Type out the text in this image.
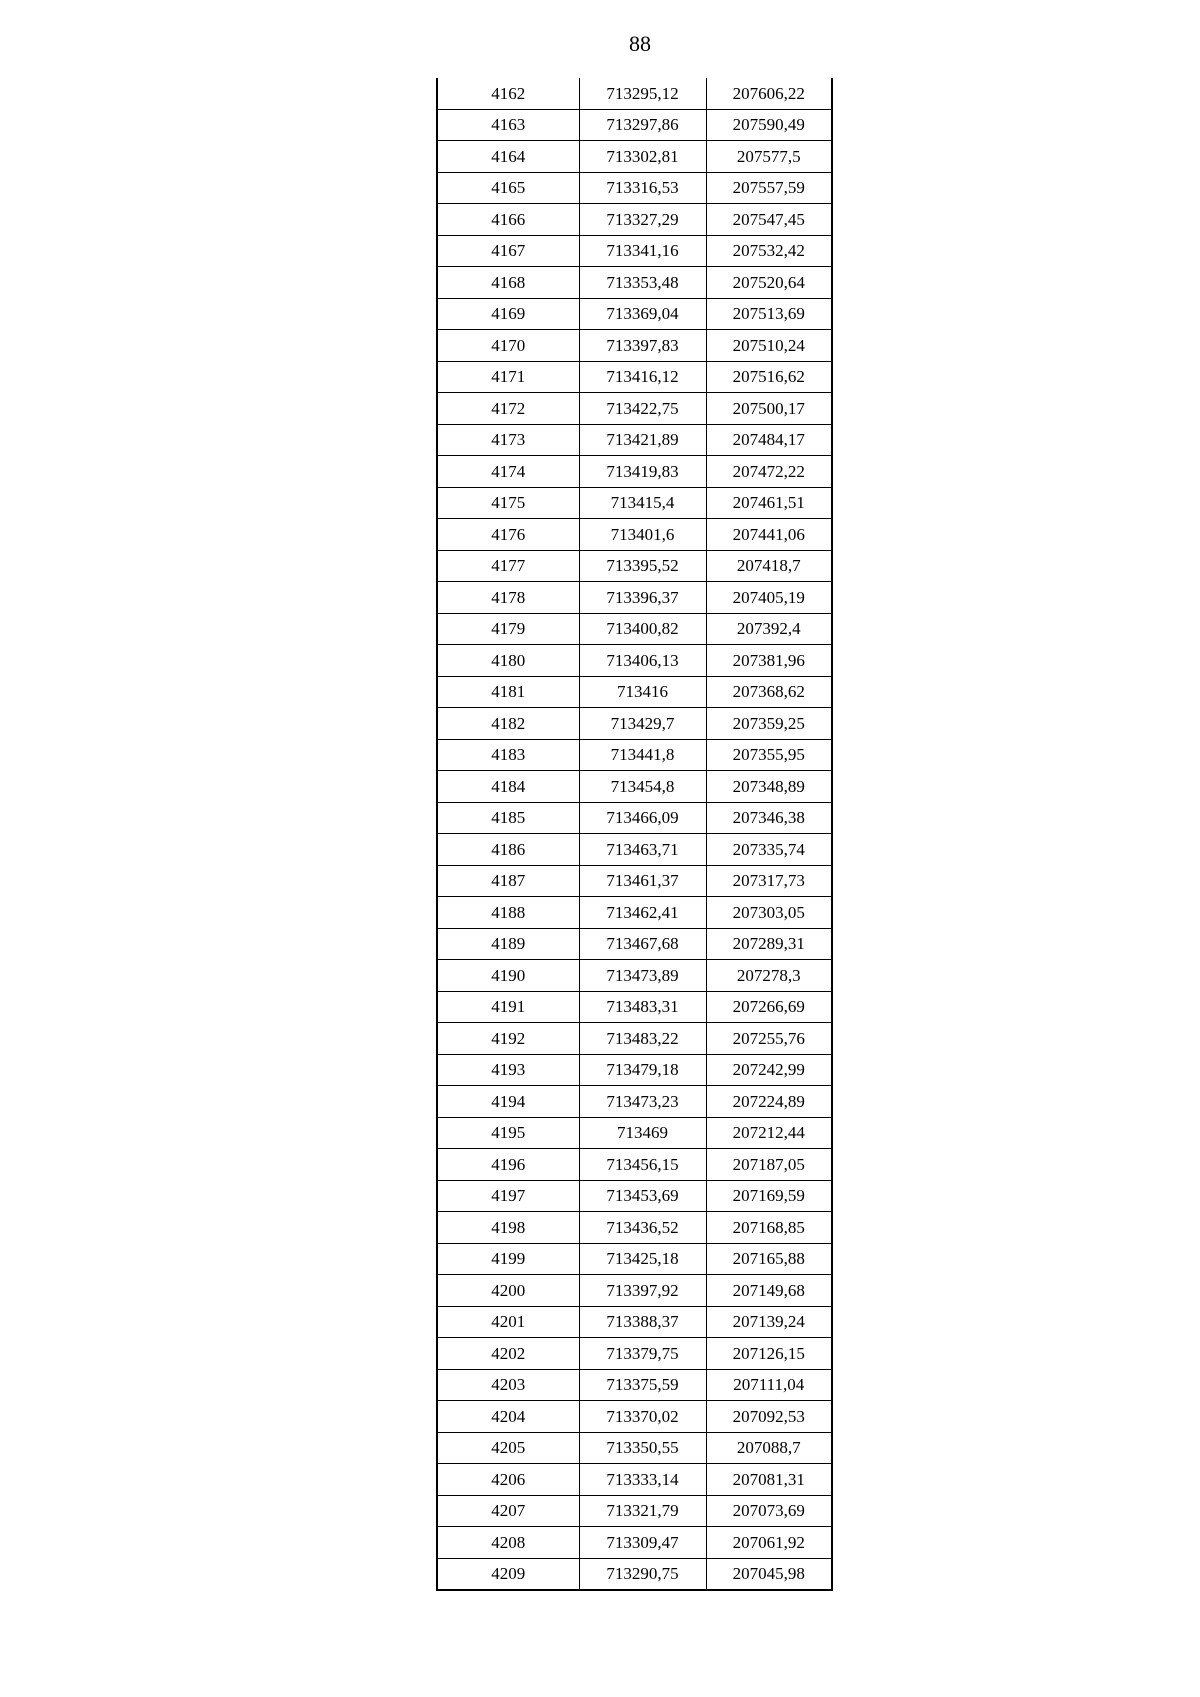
88
4162	713295,12	207606,22
4163	713297,86	207590,49
4164	713302,81	207577,5
4165	713316,53	207557,59
4166	713327,29	207547,45
4167	713341,16	207532,42
4168	713353,48	207520,64
4169	713369,04	207513,69
4170	713397,83	207510,24
4171	713416,12	207516,62
4172	713422,75	207500,17
4173	713421,89	207484,17
4174	713419,83	207472,22
4175	713415,4	207461,51
4176	713401,6	207441,06
4177	713395,52	207418,7
4178	713396,37	207405,19
4179	713400,82	207392,4
4180	713406,13	207381,96
4181	713416	207368,62
4182	713429,7	207359,25
4183	713441,8	207355,95
4184	713454,8	207348,89
4185	713466,09	207346,38
4186	713463,71	207335,74
4187	713461,37	207317,73
4188	713462,41	207303,05
4189	713467,68	207289,31
4190	713473,89	207278,3
4191	713483,31	207266,69
4192	713483,22	207255,76
4193	713479,18	207242,99
4194	713473,23	207224,89
4195	713469	207212,44
4196	713456,15	207187,05
4197	713453,69	207169,59
4198	713436,52	207168,85
4199	713425,18	207165,88
4200	713397,92	207149,68
4201	713388,37	207139,24
4202	713379,75	207126,15
4203	713375,59	207111,04
4204	713370,02	207092,53
4205	713350,55	207088,7
4206	713333,14	207081,31
4207	713321,79	207073,69
4208	713309,47	207061,92
4209	713290,75	207045,98
